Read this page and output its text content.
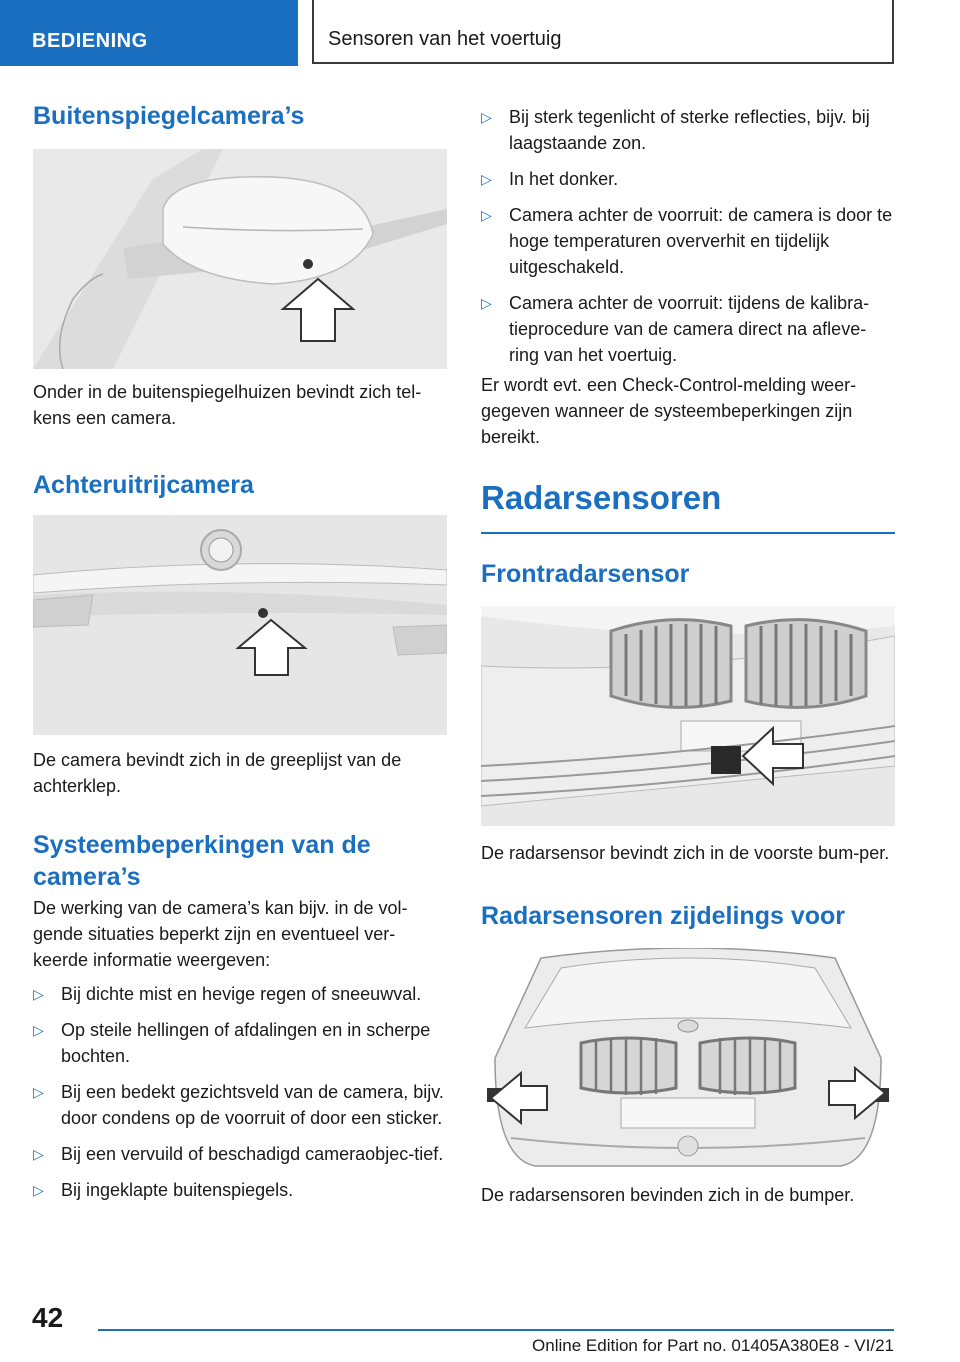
BEDIENING	Sensoren van het voertuig
Buitenspiegelcamera’s

Onder in de buitenspiegelhuizen bevindt zich tel-kens een camera.

Achteruitrijcamera

De camera bevindt zich in de greeplijst van de achterklep.

Systeembeperkingen van de camera’s

De werking van de camera’s kan bijv. in de vol-gende situaties beperkt zijn en eventueel ver-keerde informatie weergeven:

▷ Bij dichte mist en hevige regen of sneeuwval.
▷ Op steile hellingen of afdalingen en in scherpe bochten.
▷ Bij een bedekt gezichtsveld van de camera, bijv. door condens op de voorruit of door een sticker.
▷ Bij een vervuild of beschadigd cameraobjec-tief.
▷ Bij ingeklapte buitenspiegels.
▷ Bij sterk tegenlicht of sterke reflecties, bijv. bij laagstaande zon.
▷ In het donker.
▷ Camera achter de voorruit: de camera is door te hoge temperaturen oververhit en tijdelijk uitgeschakeld.
▷ Camera achter de voorruit: tijdens de kalibra-tieprocedure van de camera direct na afleve-ring van het voertuig.

Er wordt evt. een Check-Control-melding weer-gegeven wanneer de systeembeperkingen zijn bereikt.

Radarsensoren
Frontradarsensor

De radarsensor bevindt zich in de voorste bum-per.

Radarsensoren zijdelings voor

De radarsensoren bevinden zich in de bumper.

42
Online Edition for Part no. 01405A380E8 - VI/21
